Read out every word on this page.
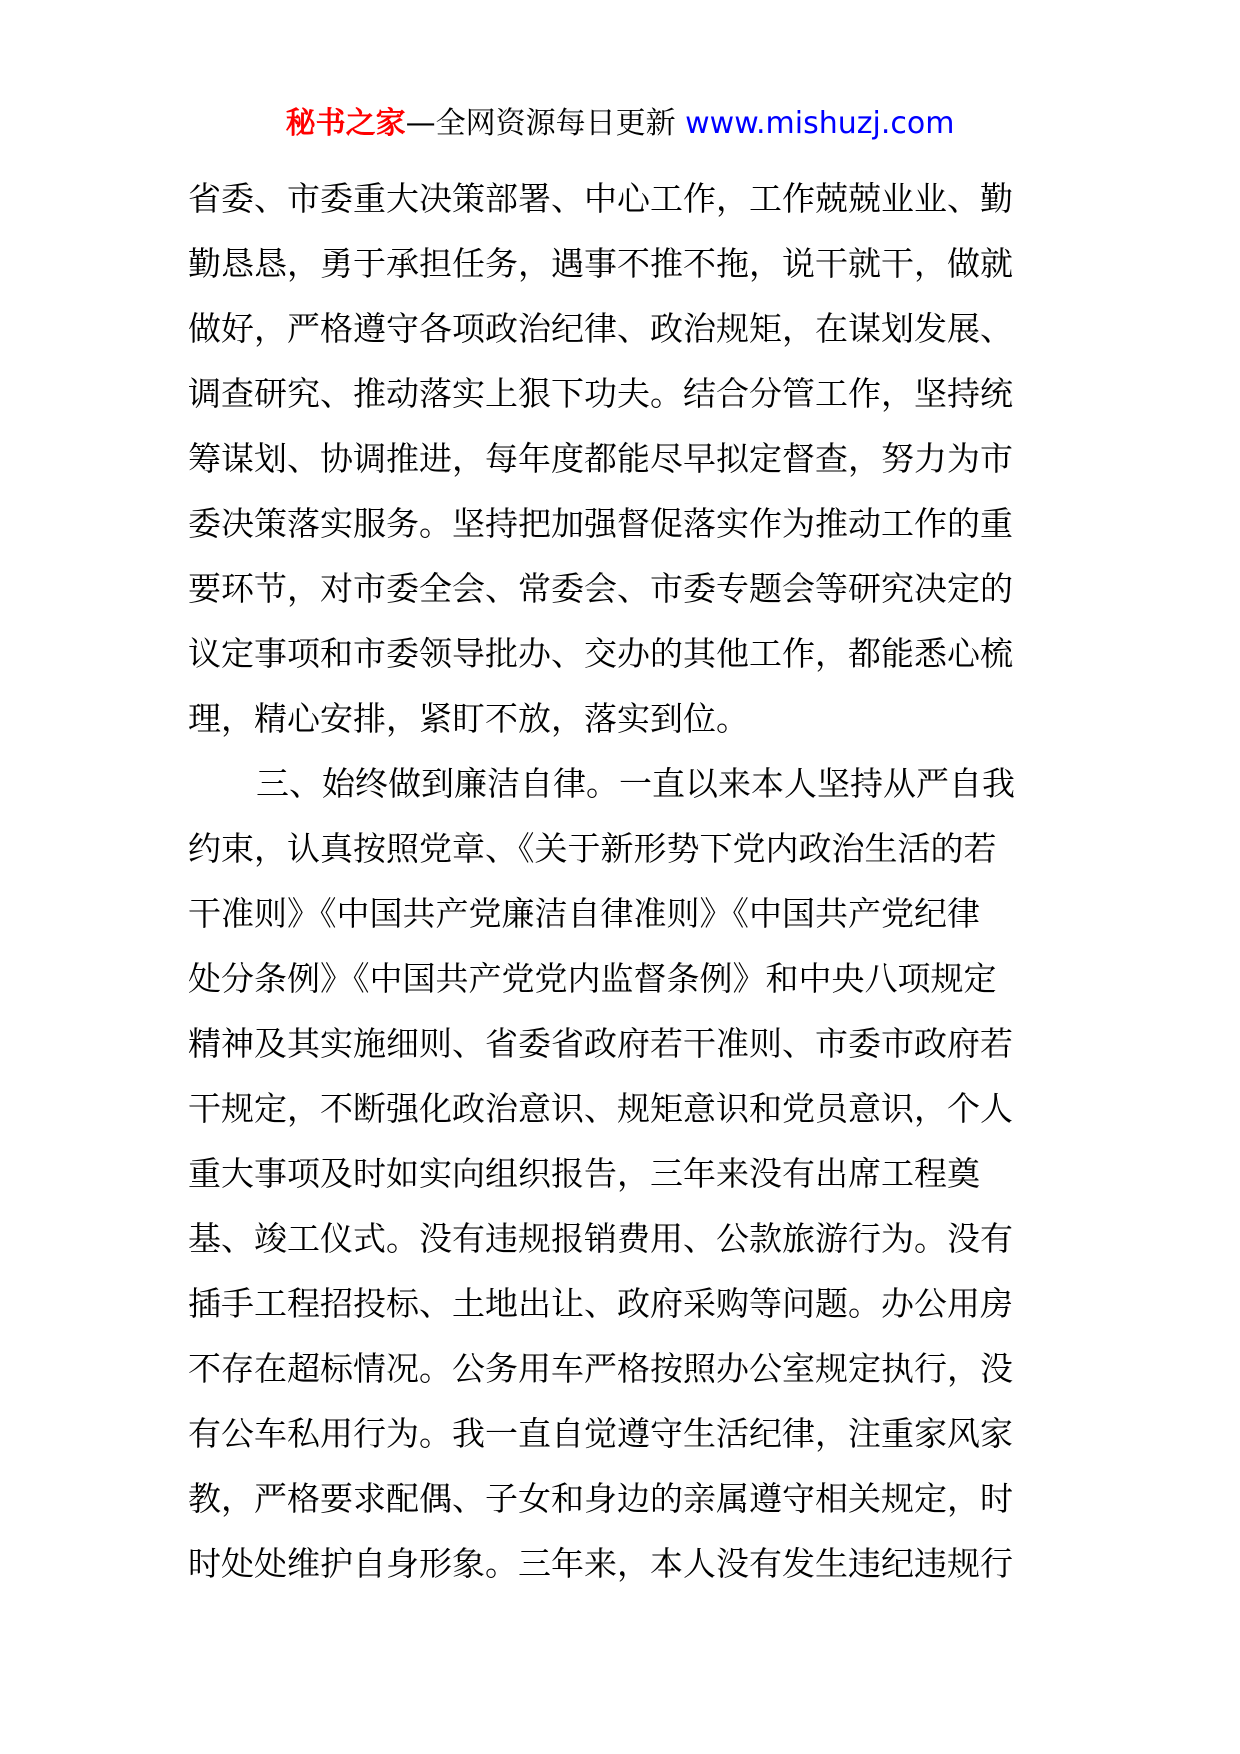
秘书之家—全网资源每日更新 www.mishuzj.com
省委、市委重大决策部署、中心工作，工作兢兢业业、勤
勤恳恳，勇于承担任务，遇事不推不拖，说干就干，做就
做好，严格遵守各项政治纪律、政治规矩，在谋划发展、
调查研究、推动落实上狠下功夫。结合分管工作，坚持统
筹谋划、协调推进，每年度都能尽早拟定督查，努力为市
委决策落实服务。坚持把加强督促落实作为推动工作的重
要环节，对市委全会、常委会、市委专题会等研究决定的
议定事项和市委领导批办、交办的其他工作，都能悉心梳
理，精心安排，紧盯不放，落实到位。
三、始终做到廉洁自律。一直以来本人坚持从严自我
约束，认真按照党章、《关于新形势下党内政治生活的若
干准则》《中国共产党廉洁自律准则》《中国共产党纪律
处分条例》《中国共产党党内监督条例》和中央八项规定
精神及其实施细则、省委省政府若干准则、市委市政府若
干规定，不断强化政治意识、规矩意识和党员意识，个人
重大事项及时如实向组织报告，三年来没有出席工程奠
基、竣工仪式。没有违规报销费用、公款旅游行为。没有
插手工程招投标、土地出让、政府采购等问题。办公用房
不存在超标情况。公务用车严格按照办公室规定执行，没
有公车私用行为。我一直自觉遵守生活纪律，注重家风家
教，严格要求配偶、子女和身边的亲属遵守相关规定，时
时处处维护自身形象。三年来，本人没有发生违纪违规行
